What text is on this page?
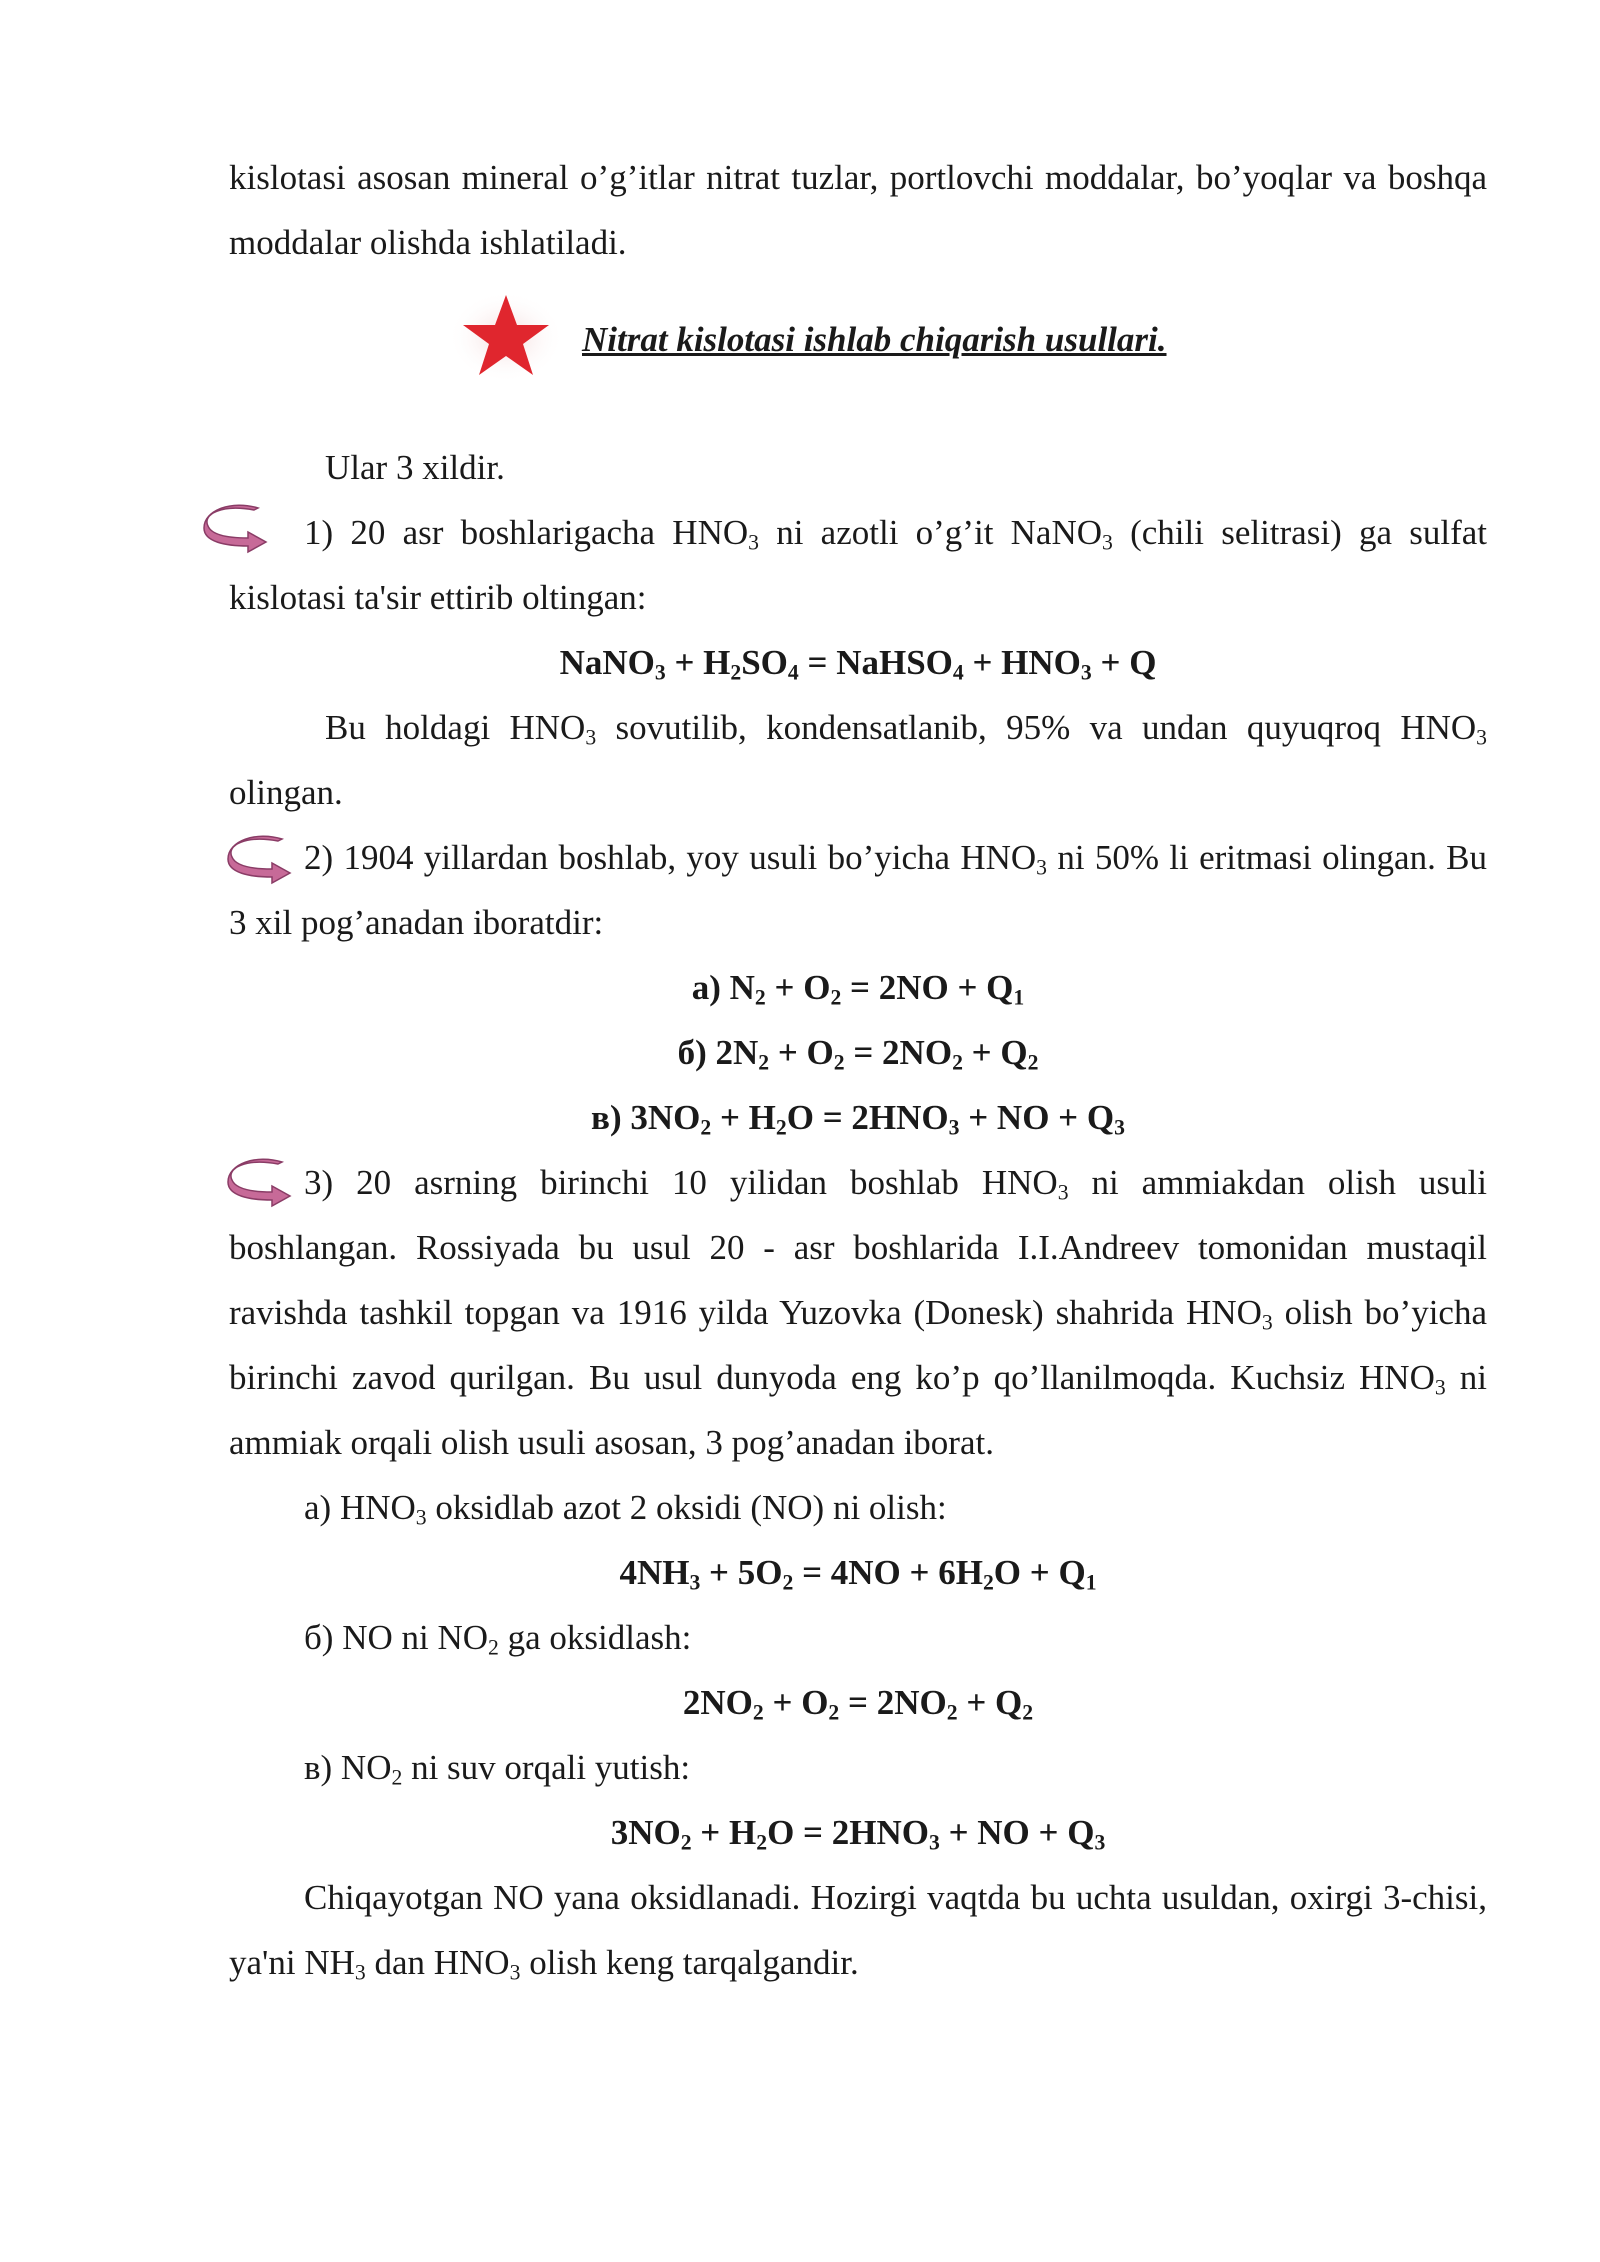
kislotasi asosan mineral o’g’itlar nitrat tuzlar, portlovchi moddalar, bo’yoqlar va boshqa moddalar olishda ishlatiladi.

Nitrat kislotasi ishlab chiqarish usullari.

Ular 3 xildir.

1) 20 asr boshlarigacha $HNO_3$ ni azotli o’g’it NaNO$_3$ (chili selitrasi) ga sulfat kislotasi ta'sir ettirib oltingan:

NaNO$_3$ + $H_2SO_4$ = NaHSO$_4$ + $HNO_3 + Q$

Bu holdagi $HNO_3$ sovutilib, kondensatlanib, 95% va undan quyuqroq $HNO_3$ olingan.

2) 1904 yillardan boshlab, yoy usuli bo’yicha $HNO_3$ ni 50% li eritmasi olingan. Bu 3 xil pog’anadan iboratdir:

а) $N_2 + O_2 = 2NO + Q_1$

б) $2N_2 + O_2 = 2NO_2 + Q_2$

в) $3NO_2 + H_2O = 2HNO_3$ + NO + $Q_3$

3) 20 asrning birinchi 10 yilidan boshlab $HNO_3$ ni ammiakdan olish usuli boshlangan. Rossiyada bu usul 20 - asr boshlarida I.I.Andreev tomonidan mustaqil ravishda tashkil topgan va 1916 yilda Yuzovka (Donesk) shahrida $HNO_3$ olish bo’yicha birinchi zavod qurilgan. Bu usul dunyoda eng ko’p qo’llanilmoqda. Kuchsiz $HNO_3$ ni ammiak orqali olish usuli asosan, 3 pog’anadan iborat.

а) $HNO_3$ oksidlab azot 2 oksidi (NO) ni olish:

$4NH_3 + 5O_2 = 4NO + 6H_2O + Q_1$

б) NO ni $NO_2$ ga oksidlash:

$2NO_2 + O_2 = 2NO_2 + Q_2$

в) $NO_2$ ni suv orqali yutish:

$3NO_2 + H_2O = 2HNO_3$ + NO + $Q_3$

Chiqayotgan NO yana oksidlanadi. Hozirgi vaqtda bu uchta usuldan, oxirgi 3-chisi, ya'ni $NH_3$ dan $HNO_3$ olish keng tarqalgandir.
